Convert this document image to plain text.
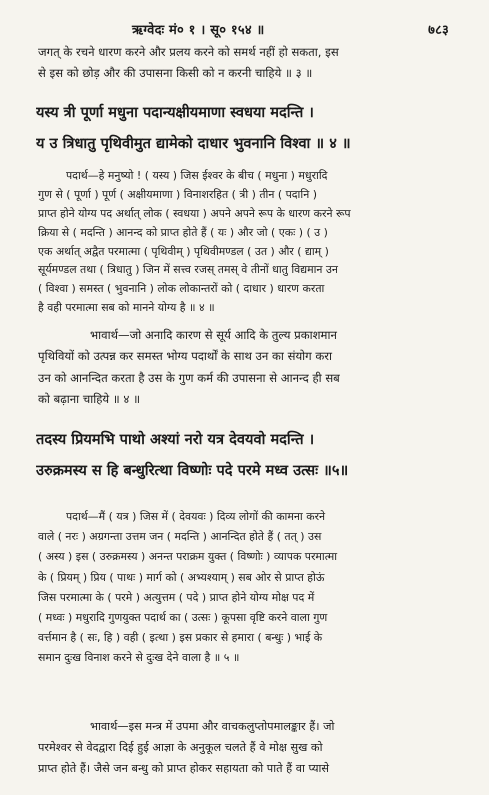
ऋग्वेदः मं० १ । सू० १५४ ॥	७८३
जगत् के रचने धारण करने और प्रलय करने को समर्थ नहीं हो सकता, इस
से इस को छोड़ और की उपासना किसी को न करनी चाहिये ॥ ३ ॥
यस्य त्री पूर्णा मधुना पदान्यक्षीयमाणा स्वधया मदन्ति ।
य उ त्रिधातु पृथिवीमुत द्यामेको दाधार भुवनानि विश्वा ॥ ४ ॥
पदार्थ—हे मनुष्यो ! ( यस्य ) जिस ईश्वर के बीच ( मधुना ) मधुरादि
गुण से ( पूर्णा ) पूर्ण ( अक्षीयमाणा ) विनाशरहित ( त्री ) तीन ( पदानि )
प्राप्त होने योग्य पद अर्थात् लोक ( स्वधया ) अपने अपने रूप के धारण करने रूप
क्रिया से ( मदन्ति ) आनन्द को प्राप्त होते हैं ( यः ) और जो ( एकः ) ( उ )
एक अर्थात् अद्वैत परमात्मा ( पृथिवीम् ) पृथिवीमण्डल ( उत ) और ( द्याम् )
सूर्यमण्डल तथा ( त्रिधातु ) जिन में सत्त्व रजस् तमस् वे तीनों धातु विद्यमान उन
( विश्वा ) समस्त ( भुवनानि ) लोक लोकान्तरों को ( दाधार ) धारण करता
है वही परमात्मा सब को मानने योग्य है ॥ ४ ॥
भावार्थ—जो अनादि कारण से सूर्य आदि के तुल्य प्रकाशमान
पृथिवियों को उत्पन्न कर समस्त भोग्य पदार्थों के साथ उन का संयोग करा
उन को आनन्दित करता है उस के गुण कर्म की उपासना से आनन्द ही सब
को बढ़ाना चाहिये ॥ ४ ॥
तदस्य प्रियमभि पाथो अश्यां नरो यत्र देवयवो मदन्ति ।
उरुक्रमस्य स हि बन्धुरित्था विष्णोः पदे परमे मध्व उत्सः ॥५॥
पदार्थ—मैं ( यत्र ) जिस में ( देवयवः ) दिव्य लोगों की कामना करने
वाले ( नरः ) अग्रगन्ता उत्तम जन ( मदन्ति ) आनन्दित होते हैं ( तत् ) उस
( अस्य ) इस ( उरुक्रमस्य ) अनन्त पराक्रम युक्त ( विष्णोः ) व्यापक परमात्मा
के ( प्रियम् ) प्रिय ( पाथः ) मार्ग को ( अभ्यश्याम् ) सब ओर से प्राप्त होऊं
जिस परमात्मा के ( परमे ) अत्युत्तम ( पदे ) प्राप्त होने योग्य मोक्ष पद में
( मध्वः ) मधुरादि गुणयुक्त पदार्थ का ( उत्सः ) कूपसा वृष्टि करने वाला गुण
वर्त्तमान है ( सः, हि ) वही ( इत्था ) इस प्रकार से हमारा ( बन्धुः ) भाई के
समान दुःख विनाश करने से दुःख देने वाला है ॥ ५ ॥
भावार्थ—इस मन्त्र में उपमा और वाचकलुप्तोपमालङ्कार हैं। जो
परमेश्वर से वेदद्वारा दिई हुई आज्ञा के अनुकूल चलते हैं वे मोक्ष सुख को
प्राप्त होते हैं। जैसे जन बन्धु को प्राप्त होकर सहायता को पाते हैं वा प्यासे
